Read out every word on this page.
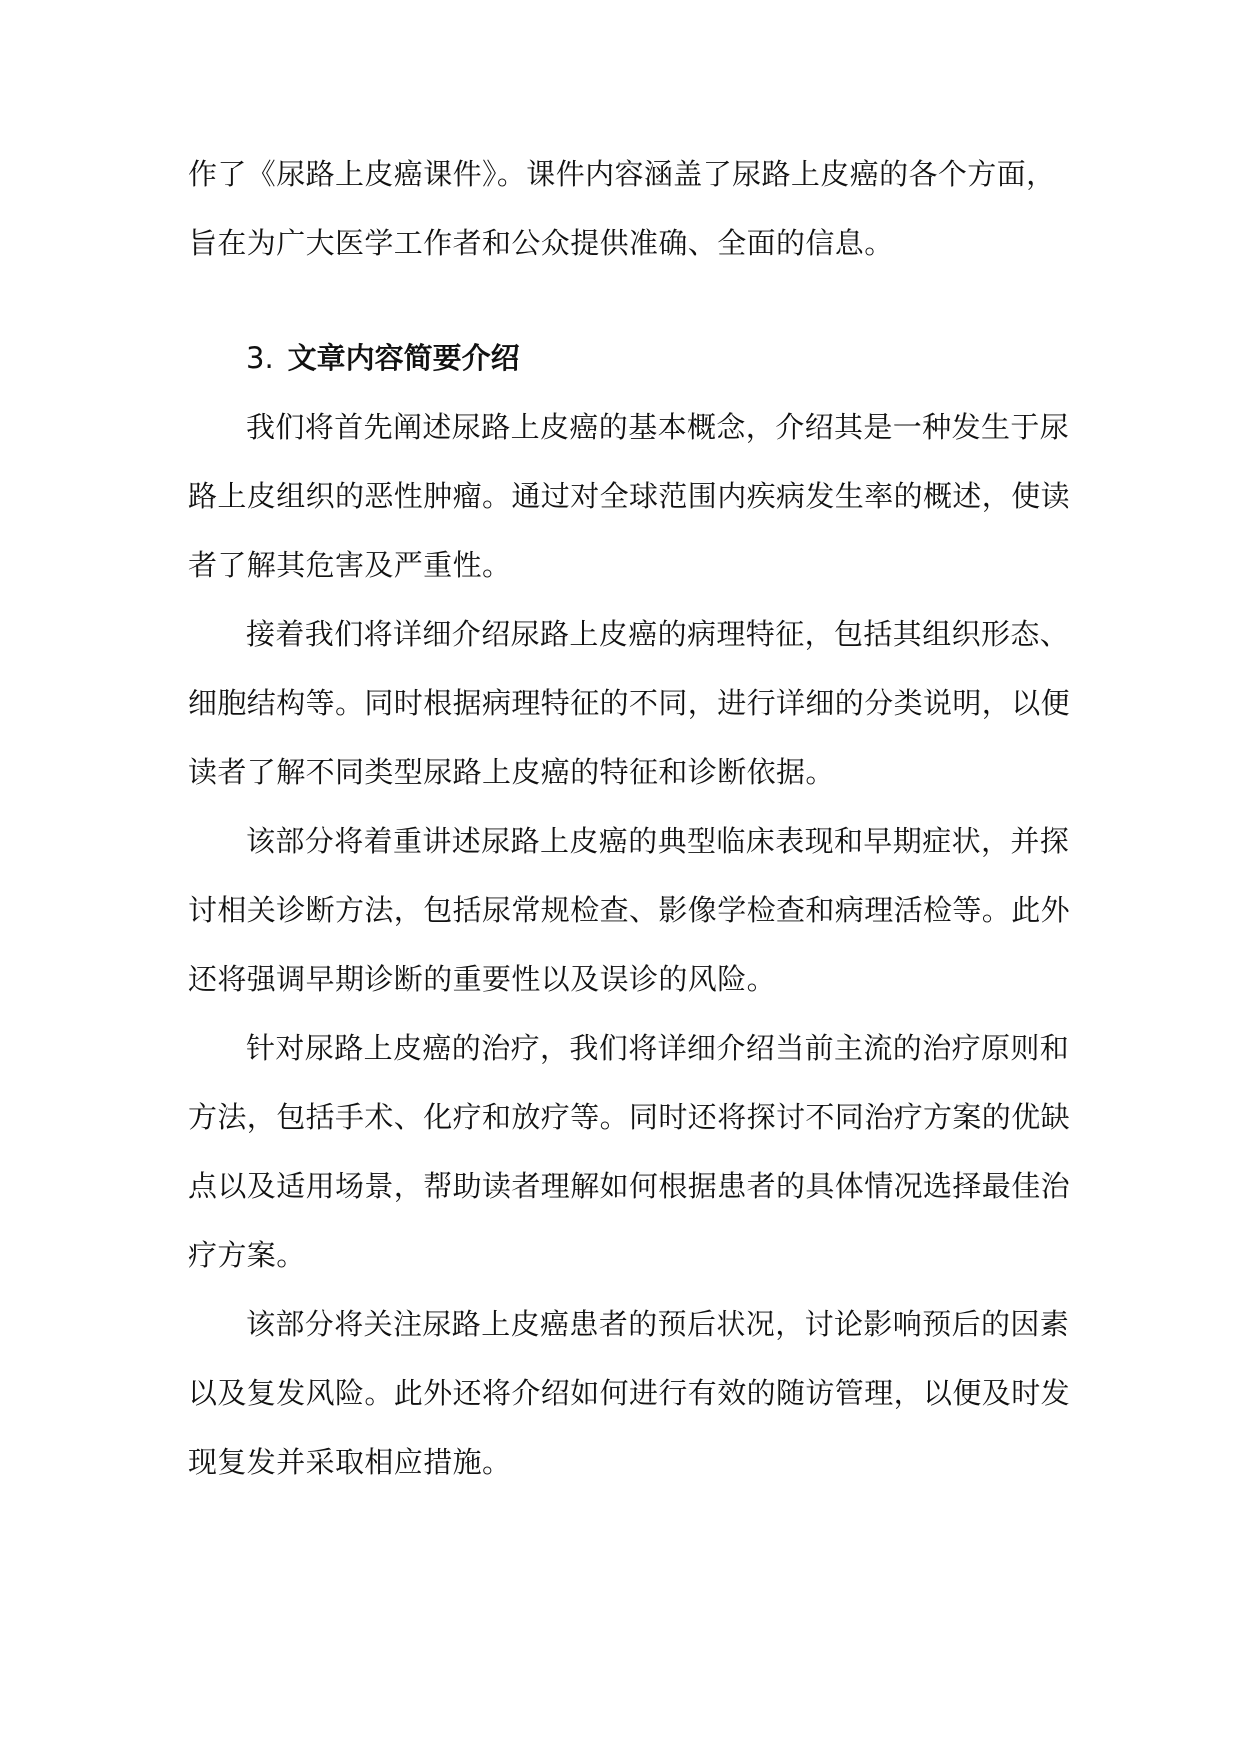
作了《尿路上皮癌课件》。课件内容涵盖了尿路上皮癌的各个方面，
旨在为广大医学工作者和公众提供准确、全面的信息。
3. 文章内容简要介绍
我们将首先阐述尿路上皮癌的基本概念，介绍其是一种发生于尿
路上皮组织的恶性肿瘤。通过对全球范围内疾病发生率的概述，使读
者了解其危害及严重性。
接着我们将详细介绍尿路上皮癌的病理特征，包括其组织形态、
细胞结构等。同时根据病理特征的不同，进行详细的分类说明，以便
读者了解不同类型尿路上皮癌的特征和诊断依据。
该部分将着重讲述尿路上皮癌的典型临床表现和早期症状，并探
讨相关诊断方法，包括尿常规检查、影像学检查和病理活检等。此外
还将强调早期诊断的重要性以及误诊的风险。
针对尿路上皮癌的治疗，我们将详细介绍当前主流的治疗原则和
方法，包括手术、化疗和放疗等。同时还将探讨不同治疗方案的优缺
点以及适用场景，帮助读者理解如何根据患者的具体情况选择最佳治
疗方案。
该部分将关注尿路上皮癌患者的预后状况，讨论影响预后的因素
以及复发风险。此外还将介绍如何进行有效的随访管理，以便及时发
现复发并采取相应措施。
